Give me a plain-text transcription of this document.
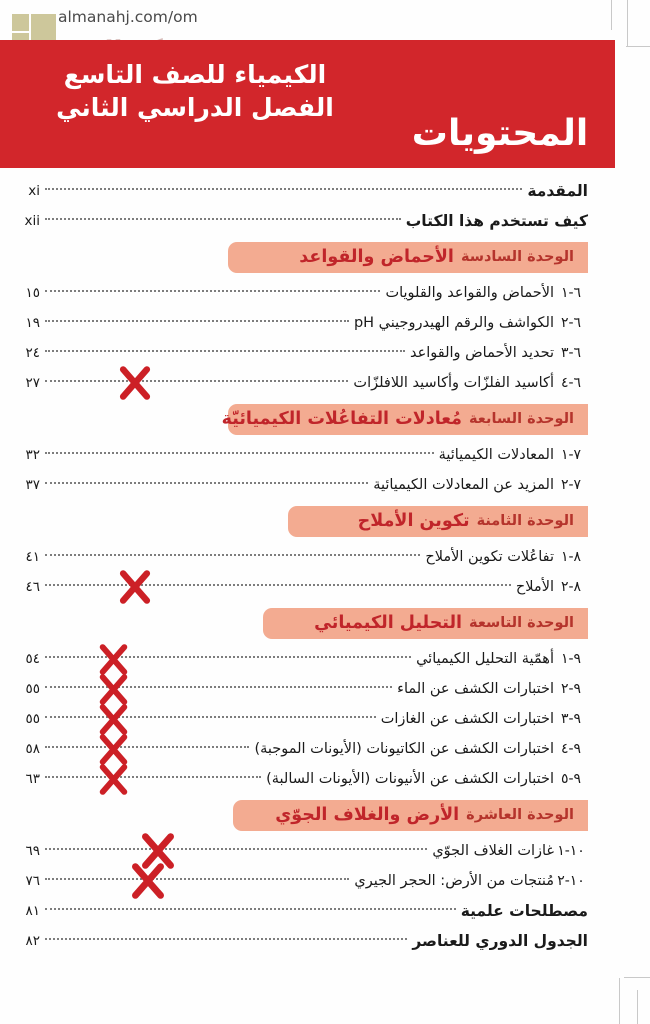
almanahj.com/om
الكيمياء للصف التاسع
الفصل الدراسي الثاني
المحتويات
المقدمة
xi
كيف تستخدم هذا الكتاب
xii
الوحدة السادسة
الأحماض والقواعد
١-٦
الأحماض والقواعد والقلويات
١٥
٢-٦
الكواشف والرقم الهيدروجيني pH
١٩
٣-٦
تحديد الأحماض والقواعد
٢٤
٤-٦
أكاسيد الفلزّات وأكاسيد اللافلزّات
٢٧
الوحدة السابعة
مُعادلات التفاعُلات الكيميائيّة
١-٧
المعادلات الكيميائية
٣٢
٢-٧
المزيد عن المعادلات الكيميائية
٣٧
الوحدة الثامنة
تكوين الأملاح
١-٨
تفاعُلات تكوين الأملاح
٤١
٢-٨
الأملاح
٤٦
الوحدة التاسعة
التحليل الكيميائي
١-٩
أهمّية التحليل الكيميائي
٥٤
٢-٩
اختبارات الكشف عن الماء
٥٥
٣-٩
اختبارات الكشف عن الغازات
٥٥
٤-٩
اختبارات الكشف عن الكاتيونات (الأيونات الموجبة)
٥٨
٥-٩
اختبارات الكشف عن الأنيونات (الأيونات السالبة)
٦٣
الوحدة العاشرة
الأرض والغلاف الجوّي
١-١٠
غازات الغلاف الجوّي
٦٩
٢-١٠
مُنتجات من الأرض: الحجر الجيري
٧٦
مصطلحات علمية
٨١
الجدول الدوري للعناصر
٨٢
